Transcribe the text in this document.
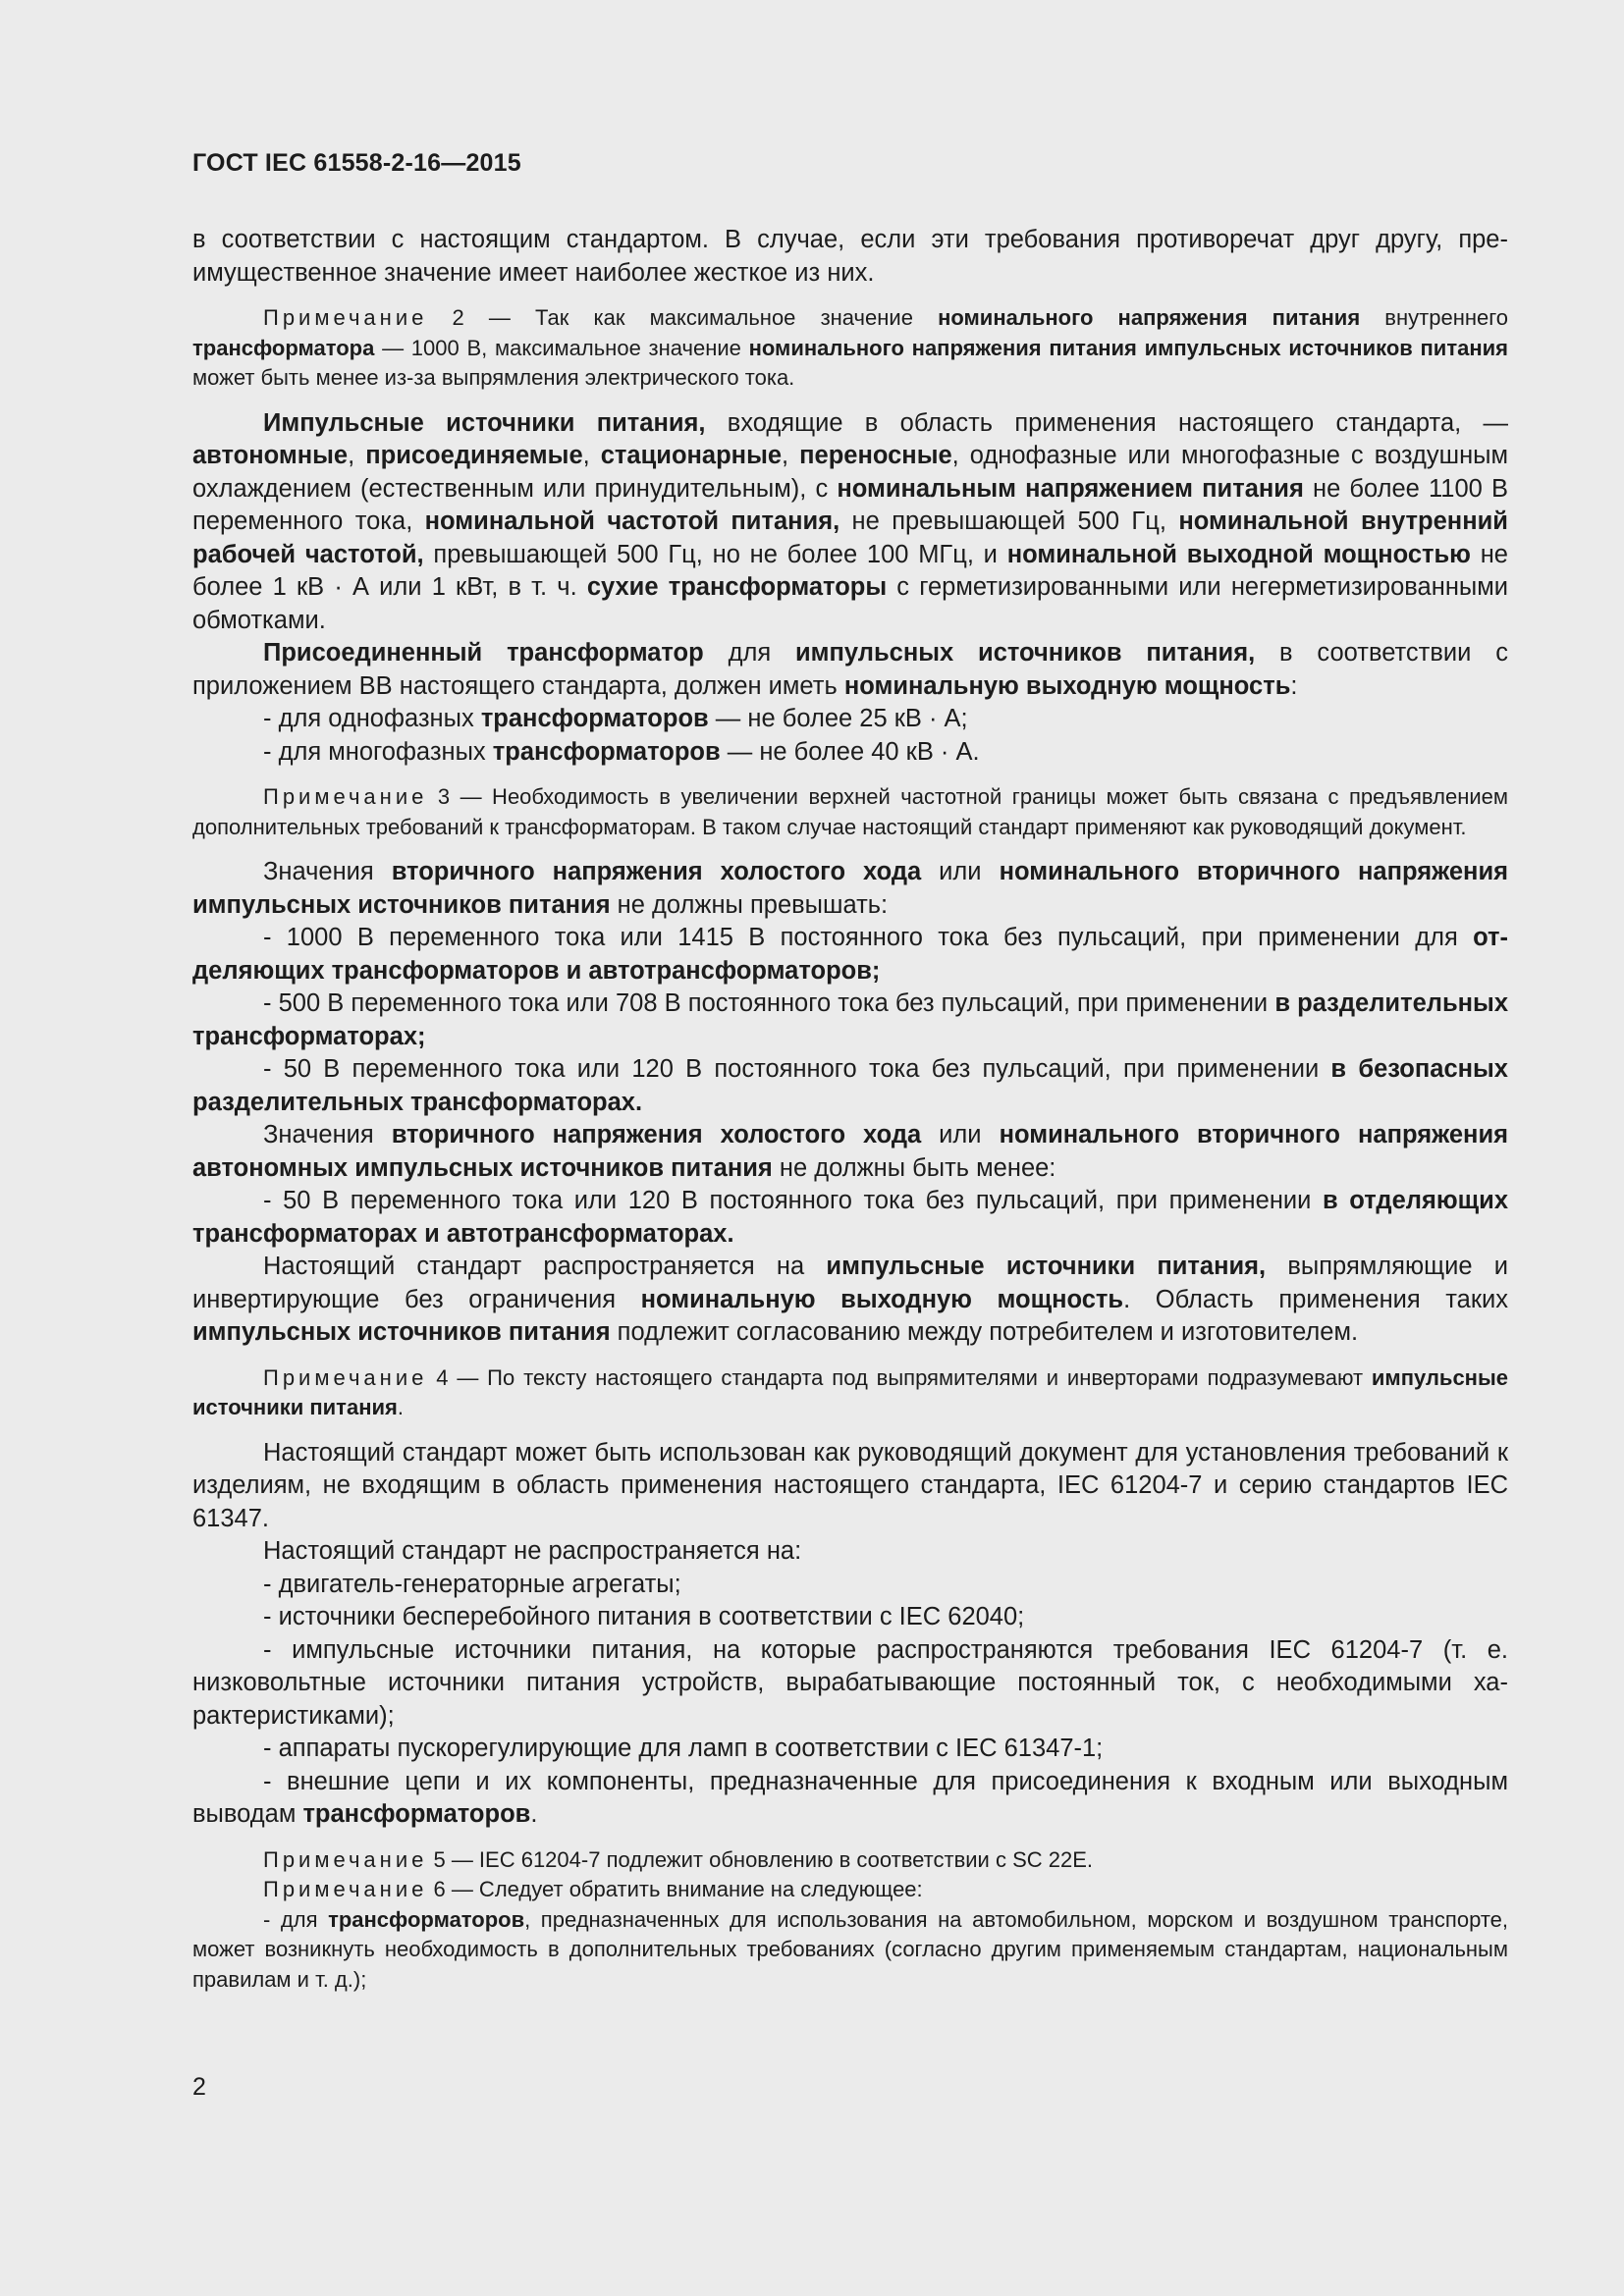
ГОСТ IEC 61558-2-16—2015

в соответствии с настоящим стандартом. В случае, если эти требования противоречат друг другу, преимущественное значение имеет наиболее жесткое из них.

Примечание 2 — Так как максимальное значение номинального напряжения питания внутреннего трансформатора — 1000 В, максимальное значение номинального напряжения питания импульсных источников питания может быть менее из-за выпрямления электрического тока.

Импульсные источники питания, входящие в область применения настоящего стандарта, — автономные, присоединяемые, стационарные, переносные, однофазные или многофазные с воздушным охлаждением (естественным или принудительным), с номинальным напряжением питания не более 1100 В переменного тока, номинальной частотой питания, не превышающей 500 Гц, номинальной внутренний рабочей частотой, превышающей 500 Гц, но не более 100 МГц, и номинальной выходной мощностью не более 1 кВ · А или 1 кВт, в т. ч. сухие трансформаторы с герметизированными или негерметизированными обмотками.

Присоединенный трансформатор для импульсных источников питания, в соответствии с приложением ВВ настоящего стандарта, должен иметь номинальную выходную мощность:

- для однофазных трансформаторов — не более 25 кВ · А;

- для многофазных трансформаторов — не более 40 кВ · А.

Примечание 3 — Необходимость в увеличении верхней частотной границы может быть связана с предъявлением дополнительных требований к трансформаторам. В таком случае настоящий стандарт применяют как руководящий документ.

Значения вторичного напряжения холостого хода или номинального вторичного напряжения импульсных источников питания не должны превышать:

- 1000 В переменного тока или 1415 В постоянного тока без пульсаций, при применении для отделяющих трансформаторов и автотрансформаторов;

- 500 В переменного тока или 708 В постоянного тока без пульсаций, при применении в разделительных трансформаторах;

- 50 В переменного тока или 120 В постоянного тока без пульсаций, при применении в безопасных разделительных трансформаторах.

Значения вторичного напряжения холостого хода или номинального вторичного напряжения автономных импульсных источников питания не должны быть менее:

- 50 В переменного тока или 120 В постоянного тока без пульсаций, при применении в отделяющих трансформаторах и автотрансформаторах.

Настоящий стандарт распространяется на импульсные источники питания, выпрямляющие и инвертирующие без ограничения номинальную выходную мощность. Область применения таких импульсных источников питания подлежит согласованию между потребителем и изготовителем.

Примечание 4 — По тексту настоящего стандарта под выпрямителями и инверторами подразумевают импульсные источники питания.

Настоящий стандарт может быть использован как руководящий документ для установления требований к изделиям, не входящим в область применения настоящего стандарта, IEC 61204-7 и серию стандартов IEC 61347.

Настоящий стандарт не распространяется на:

- двигатель-генераторные агрегаты;

- источники бесперебойного питания в соответствии с IEC 62040;

- импульсные источники питания, на которые распространяются требования IEC 61204-7 (т. е. низковольтные источники питания устройств, вырабатывающие постоянный ток, с необходимыми характеристиками);

- аппараты пускорегулирующие для ламп в соответствии с IEC 61347-1;

- внешние цепи и их компоненты, предназначенные для присоединения к входным или выходным выводам трансформаторов.

Примечание 5 — IEC 61204-7 подлежит обновлению в соответствии с SC 22E.

Примечание 6 — Следует обратить внимание на следующее:

- для трансформаторов, предназначенных для использования на автомобильном, морском и воздушном транспорте, может возникнуть необходимость в дополнительных требованиях (согласно другим применяемым стандартам, национальным правилам и т. д.);

2
